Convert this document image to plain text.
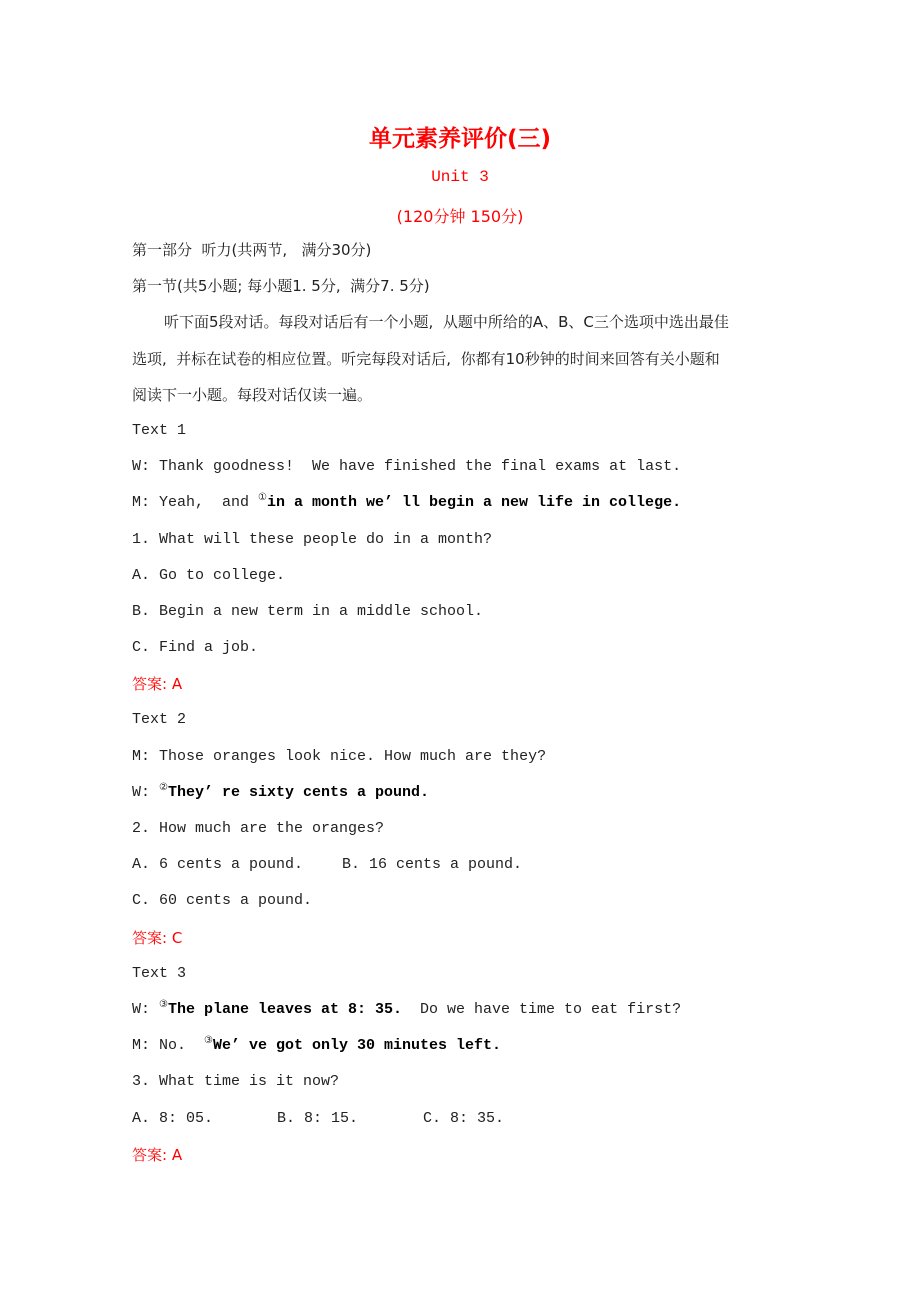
单元素养评价(三)
Unit 3
(120分钟 150分)
第一部分  听力(共两节,   满分30分)
第一节(共5小题; 每小题1. 5分,  满分7. 5分)
听下面5段对话。每段对话后有一个小题,  从题中所给的A、B、C三个选项中选出最佳
选项,  并标在试卷的相应位置。听完每段对话后,  你都有10秒钟的时间来回答有关小题和
阅读下一小题。每段对话仅读一遍。
Text 1
W: Thank goodness!  We have finished the final exams at last.
M: Yeah,  and ①in a month we’ ll begin a new life in college.
1. What will these people do in a month?
A. Go to college.
B. Begin a new term in a middle school.
C. Find a job.
答案: A
Text 2
M: Those oranges look nice. How much are they?
W: ②They’ re sixty cents a pound.
2. How much are the oranges?
A. 6 cents a pound.	B. 16 cents a pound.
C. 60 cents a pound.
答案: C
Text 3
W: ③The plane leaves at 8: 35.  Do we have time to eat first?
M: No.  ③We’ ve got only 30 minutes left.
3. What time is it now?
A. 8: 05.	B. 8: 15.	C. 8: 35.
答案: A
